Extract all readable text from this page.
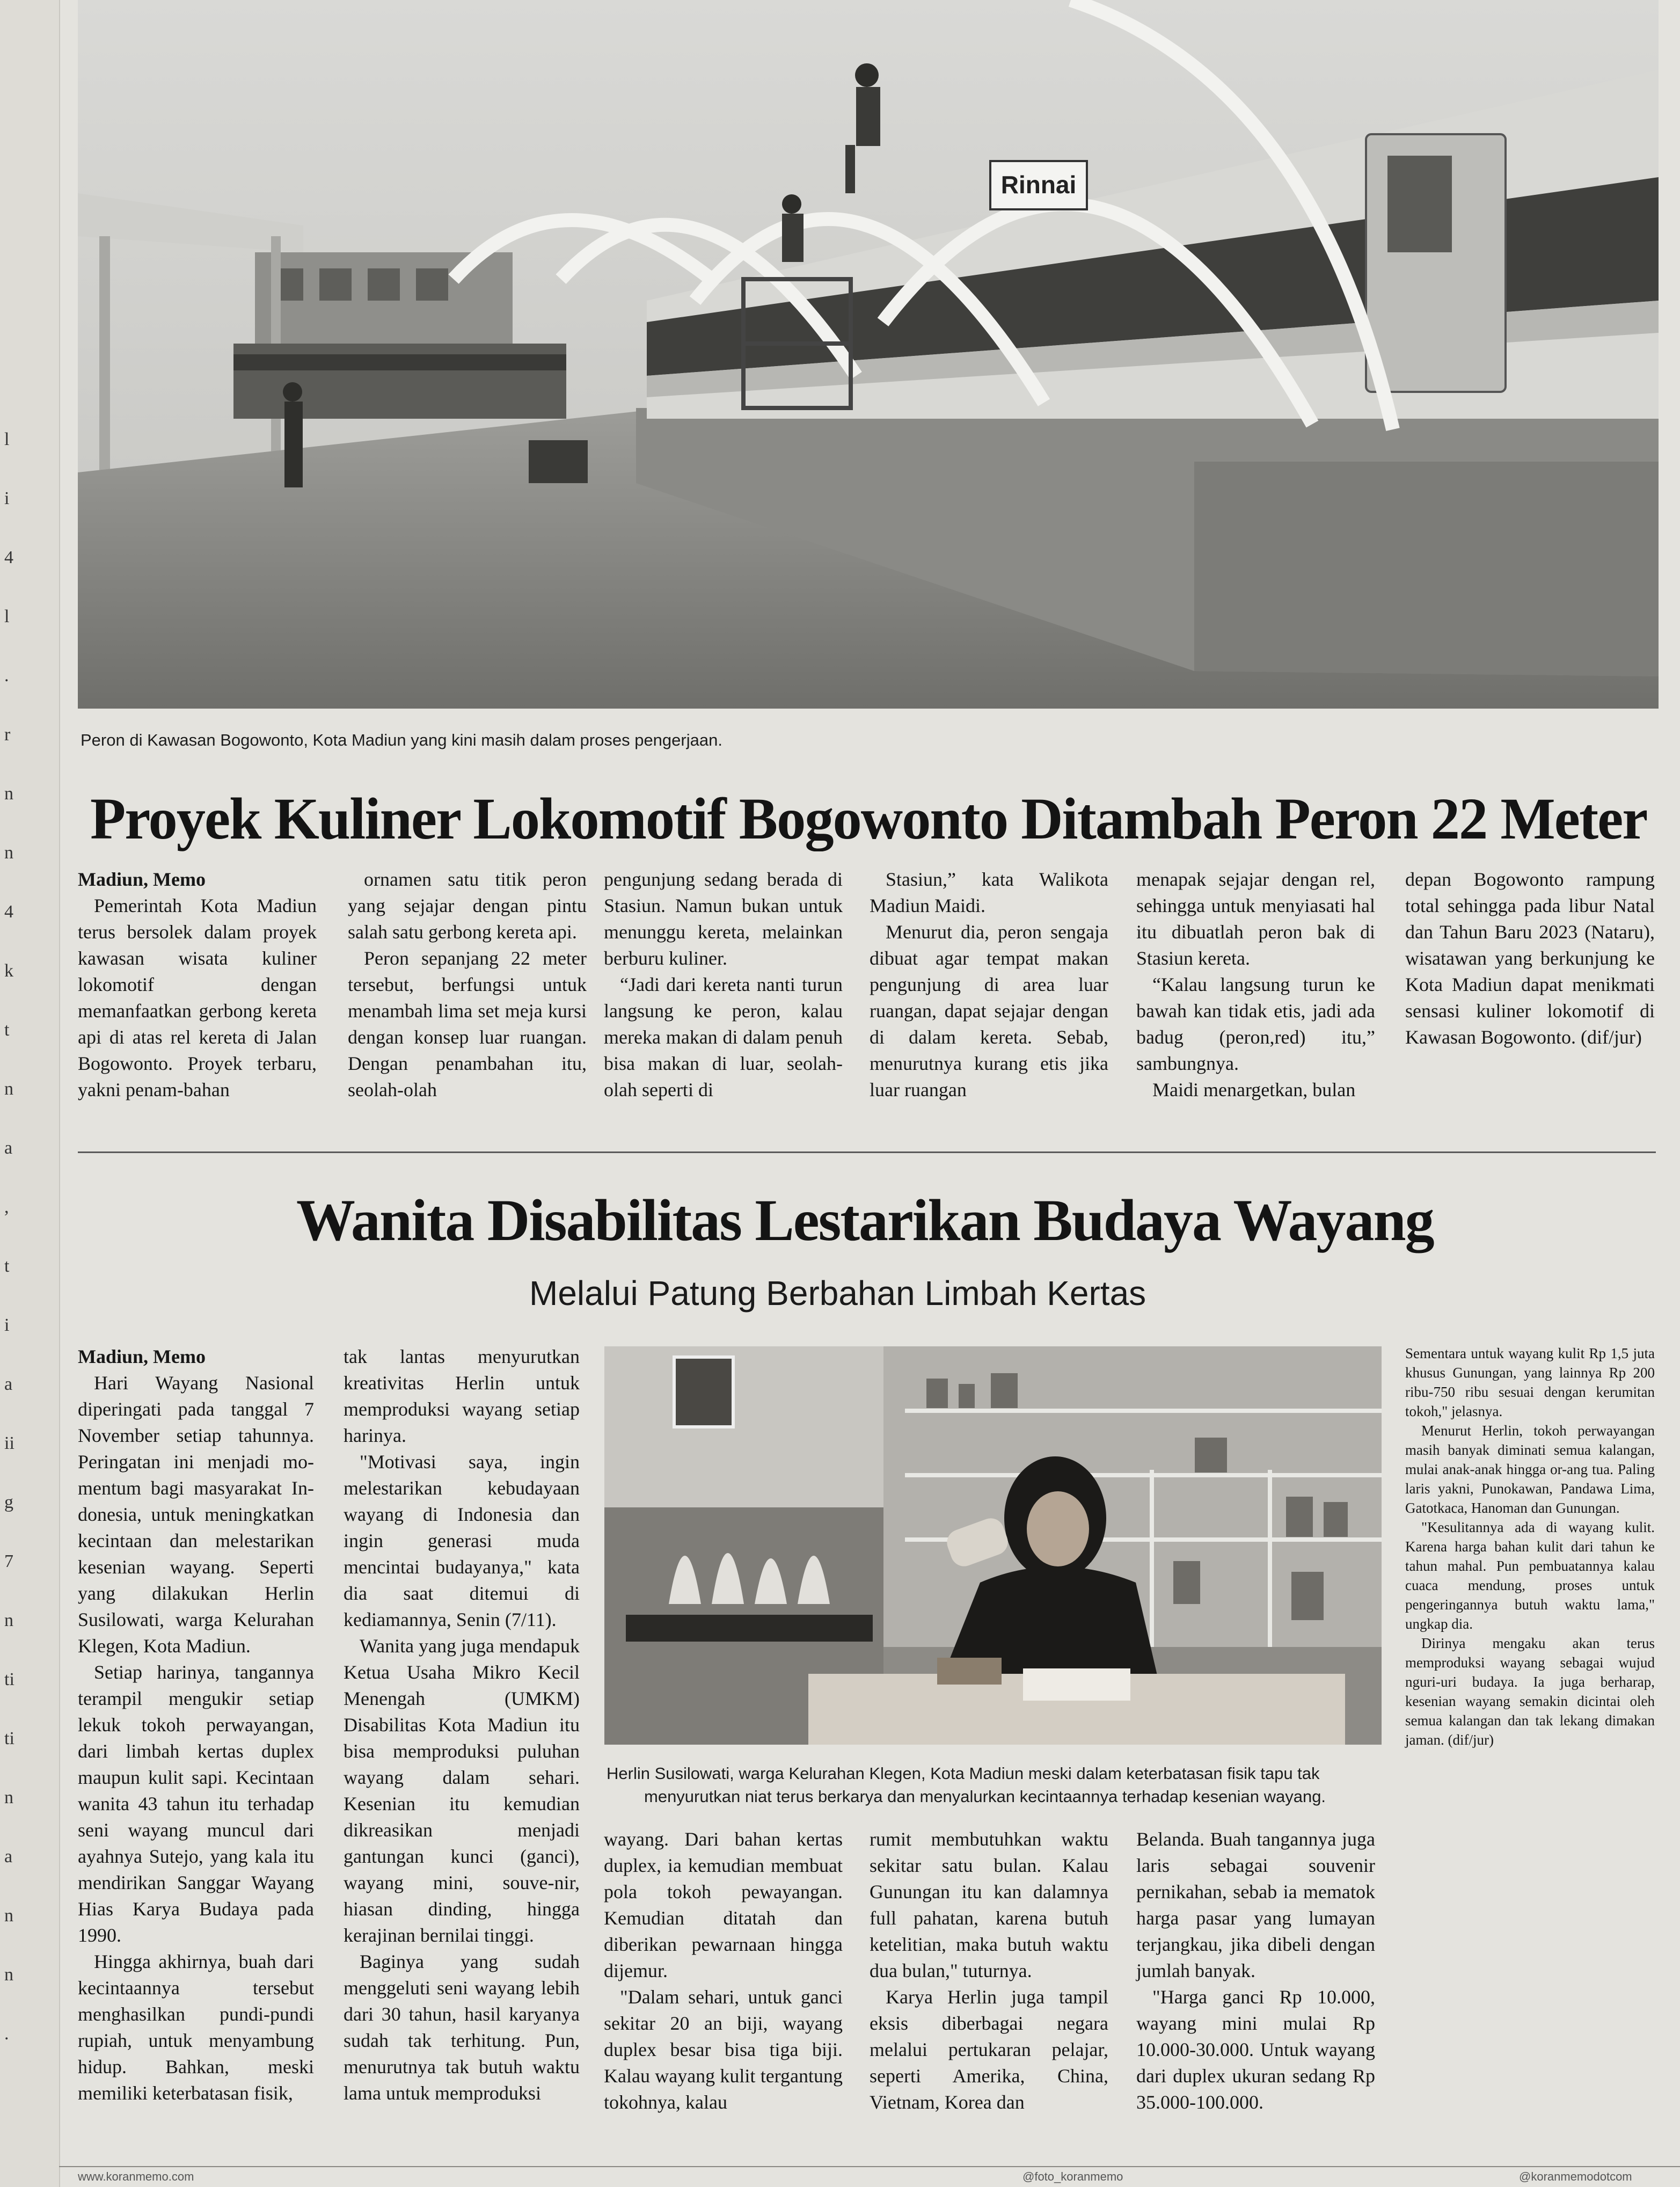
l
i
4
l
.
r
n
n
4
k
t
n
a
,
t
i
a
ii
g
7
n
ti
ti
n
a
n
n
.
Rinnai
Peron di Kawasan Bogowonto, Kota Madiun yang kini masih dalam proses pengerjaan.
Proyek Kuliner Lokomotif Bogowonto Ditambah Peron 22 Meter
Madiun, Memo

Pemerintah Kota Madiun terus bersolek dalam proyek kawasan wisata kuliner lokomotif dengan memanfaatkan gerbong kereta api di atas rel kereta di Jalan Bogowonto. Proyek terbaru, yakni penam-bahan

ornamen satu titik peron yang sejajar dengan pintu salah satu gerbong kereta api.

Peron sepanjang 22 meter tersebut, berfungsi untuk menambah lima set meja kursi dengan konsep luar ruangan. Dengan penambahan itu, seolah-olah

pengunjung sedang berada di Stasiun. Namun bukan untuk menunggu kereta, melainkan berburu kuliner.

“Jadi dari kereta nanti turun langsung ke peron, kalau mereka makan di dalam penuh bisa makan di luar, seolah-olah seperti di

Stasiun,” kata Walikota Madiun Maidi.

Menurut dia, peron sengaja dibuat agar tempat makan pengunjung di area luar ruangan, dapat sejajar dengan di dalam kereta. Sebab, menurutnya kurang etis jika luar ruangan

menapak sejajar dengan rel, sehingga untuk menyiasati hal itu dibuatlah peron bak di Stasiun kereta.

“Kalau langsung turun ke bawah kan tidak etis, jadi ada badug (peron,red) itu,” sambungnya.

Maidi menargetkan, bulan

depan Bogowonto rampung total sehingga pada libur Natal dan Tahun Baru 2023 (Nataru), wisatawan yang berkunjung ke Kota Madiun dapat menikmati sensasi kuliner lokomotif di Kawasan Bogowonto. (dif/jur)

Wanita Disabilitas Lestarikan Budaya Wayang
Melalui Patung Berbahan Limbah Kertas
Madiun, Memo

Hari Wayang Nasional diperingati pada tanggal 7 November setiap tahunnya. Peringatan ini menjadi mo-mentum bagi masyarakat In-donesia, untuk meningkatkan kecintaan dan melestarikan kesenian wayang. Seperti yang dilakukan Herlin Susilowati, warga Kelurahan Klegen, Kota Madiun.

Setiap harinya, tangannya terampil mengukir setiap lekuk tokoh perwayangan, dari limbah kertas duplex maupun kulit sapi. Kecintaan wanita 43 tahun itu terhadap seni wayang muncul dari ayahnya Sutejo, yang kala itu mendirikan Sanggar Wayang Hias Karya Budaya pada 1990.

Hingga akhirnya, buah dari kecintaannya tersebut menghasilkan pundi-pundi rupiah, untuk menyambung hidup. Bahkan, meski memiliki keterbatasan fisik,

tak lantas menyurutkan kreativitas Herlin untuk memproduksi wayang setiap harinya.

"Motivasi saya, ingin melestarikan kebudayaan wayang di Indonesia dan ingin generasi muda mencintai budayanya," kata dia saat ditemui di kediamannya, Senin (7/11).

Wanita yang juga mendapuk Ketua Usaha Mikro Kecil Menengah (UMKM) Disabilitas Kota Madiun itu bisa memproduksi puluhan wayang dalam sehari. Kesenian itu kemudian dikreasikan menjadi gantungan kunci (ganci), wayang mini, souve-nir, hiasan dinding, hingga kerajinan bernilai tinggi.

Baginya yang sudah menggeluti seni wayang lebih dari 30 tahun, hasil karyanya sudah tak terhitung. Pun, menurutnya tak butuh waktu lama untuk memproduksi

Herlin Susilowati, warga Kelurahan Klegen, Kota Madiun meski dalam keterbatasan fisik tapu tak
menyurutkan niat terus berkarya dan menyalurkan kecintaannya terhadap kesenian wayang.

Sementara untuk wayang kulit Rp 1,5 juta khusus Gunungan, yang lainnya Rp 200 ribu-750 ribu sesuai dengan kerumitan tokoh," jelasnya.

Menurut Herlin, tokoh perwayangan masih banyak diminati semua kalangan, mulai anak-anak hingga or-ang tua. Paling laris yakni, Punokawan, Pandawa Lima, Gatotkaca, Hanoman dan Gunungan.

"Kesulitannya ada di wayang kulit. Karena harga bahan kulit dari tahun ke tahun mahal. Pun pembuatannya kalau cuaca mendung, proses untuk pengeringannya butuh waktu lama," ungkap dia.

Dirinya mengaku akan terus memproduksi wayang sebagai wujud nguri-uri budaya. Ia juga berharap, kesenian wayang semakin dicintai oleh semua kalangan dan tak lekang dimakan jaman. (dif/jur)

wayang. Dari bahan kertas duplex, ia kemudian membuat pola tokoh pewayangan. Kemudian ditatah dan diberikan pewarnaan hingga dijemur.

"Dalam sehari, untuk ganci sekitar 20 an biji, wayang duplex besar bisa tiga biji. Kalau wayang kulit tergantung tokohnya, kalau

rumit membutuhkan waktu sekitar satu bulan. Kalau Gunungan itu kan dalamnya full pahatan, karena butuh ketelitian, maka butuh waktu dua bulan," tuturnya.

Karya Herlin juga tampil eksis diberbagai negara melalui pertukaran pelajar, seperti Amerika, China, Vietnam, Korea dan

Belanda. Buah tangannya juga laris sebagai souvenir pernikahan, sebab ia mematok harga pasar yang lumayan terjangkau, jika dibeli dengan jumlah banyak.

"Harga ganci Rp 10.000, wayang mini mulai Rp 10.000-30.000. Untuk wayang dari duplex ukuran sedang Rp 35.000-100.000.

www.koranmemo.com	@foto_koranmemo	@koranmemodotcom
